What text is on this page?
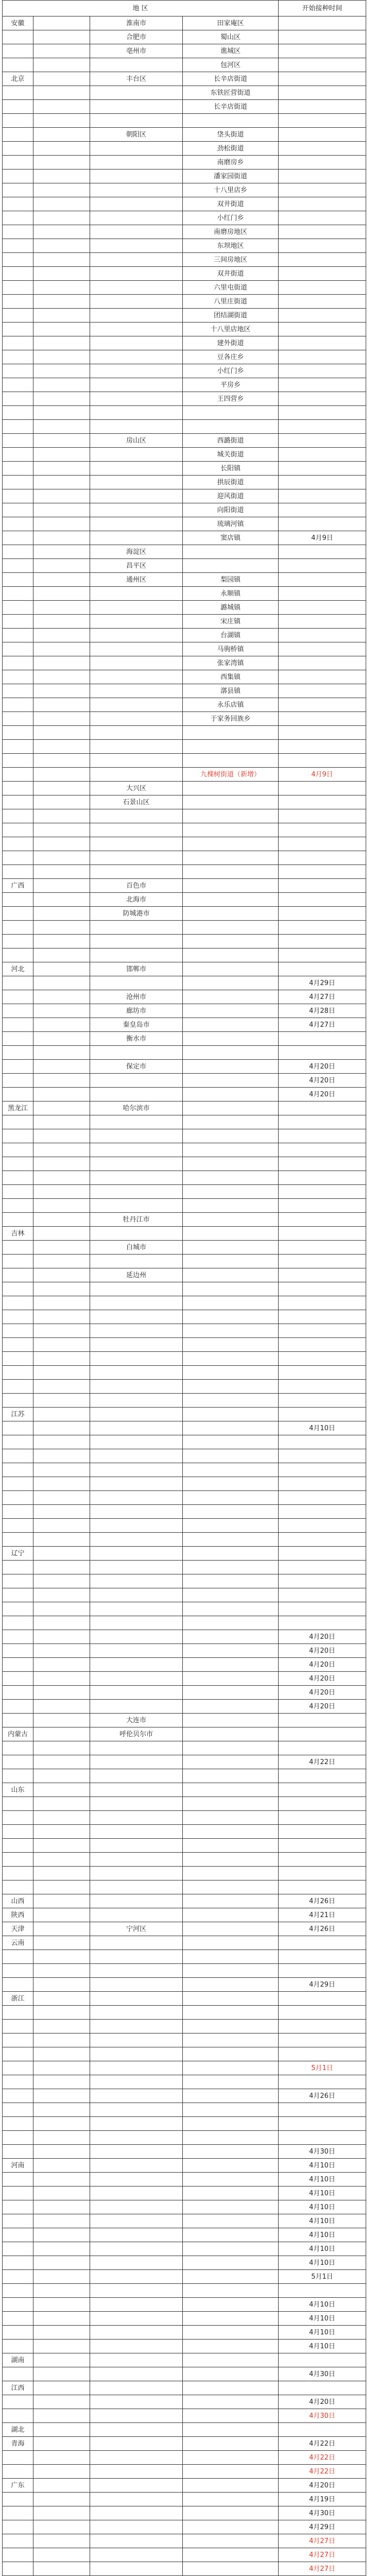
地 区				开始接种时间
安徽		淮南市	田家庵区	
		合肥市	蜀山区	
		亳州市	谯城区	
			包河区	
北京		丰台区	长辛店街道	
			东铁匠营街道	
			长辛店街道	

		朝阳区	垡头街道	
			劲松街道	
			南磨房乡	
			潘家园街道	
			十八里店乡	
			双井街道	
			小红门乡	
			南磨房地区	
			东坝地区	
			三间房地区	
			双井街道	
			六里屯街道	
			八里庄街道	
			团结湖街道	
			十八里店地区	
			建外街道	
			豆各庄乡	
			小红门乡	
			平房乡	
			王四营乡	

		房山区	西潞街道	
			城关街道	
			长阳镇	
			拱辰街道	
			迎风街道	
			向阳街道	
			琉璃河镇	
			窦店镇	4月9日
		海淀区		
		昌平区		
		通州区	梨园镇	
			永顺镇	
			潞城镇	
			宋庄镇	
			台湖镇	
			马驹桥镇	
			张家湾镇	
			西集镇	
			漷县镇	
			永乐店镇	
			于家务回族乡	

			九棵树街道（新增）	4月9日
		大兴区		
		石景山区		

广西		百色市		
		北海市		
		防城港市		

河北		邯郸市		
				4月29日
		沧州市		4月27日
		廊坊市		4月28日
		秦皇岛市		4月27日
		衡水市		

		保定市		4月20日
				4月20日
				4月20日
黑龙江		哈尔滨市		

		牡丹江市		
吉林				
		白城市		

		延边州		

江苏				
				4月10日

辽宁				

				4月20日
				4月20日
				4月20日
				4月20日
				4月20日
				4月20日
		大连市		
内蒙古		呼伦贝尔市		

				4月22日

山东				

山西				4月26日
陕西				4月21日
天津		宁河区		4月26日
云南				

				4月29日
浙江				

				5月1日

				4月26日

				4月30日
河南				4月10日
				4月10日
				4月10日
				4月10日
				4月10日
				4月10日
				4月10日
				4月10日
				5月1日

				4月10日
				4月10日
				4月10日
				4月10日
湖南				
				4月30日
江西				
				4月20日
				4月30日
湖北				
青海				4月22日
				4月22日
				4月22日
广东				4月20日
				4月19日
				4月30日
				4月29日
				4月27日
				4月27日
				4月27日
